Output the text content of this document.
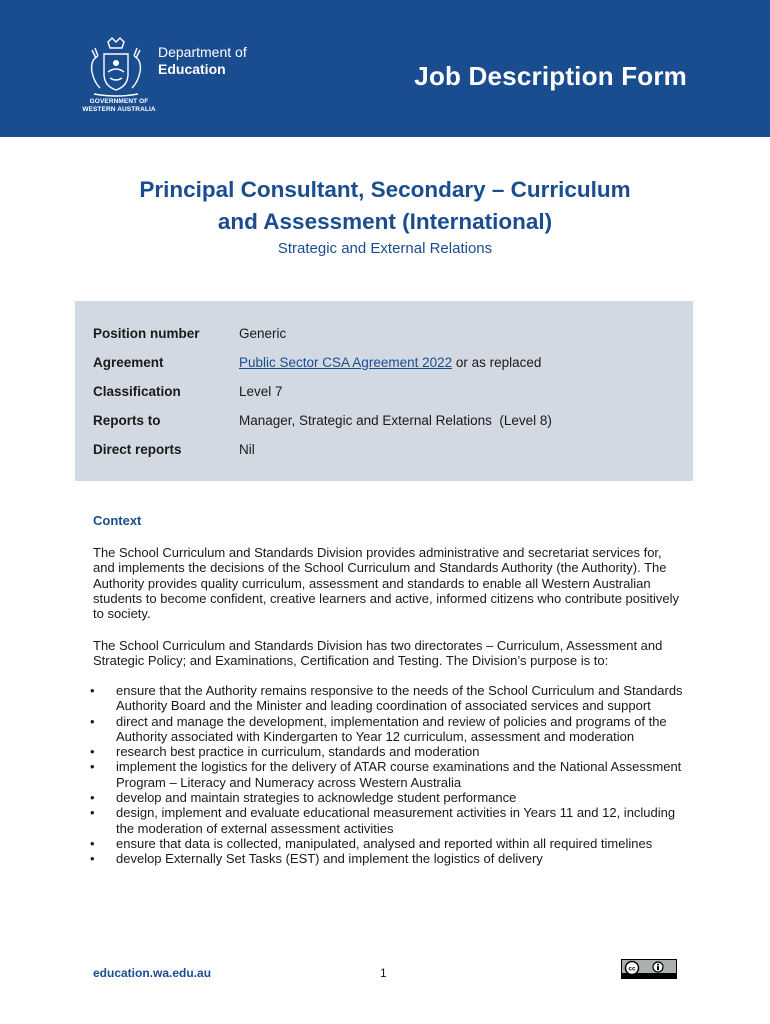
GOVERNMENT OF
WESTERN AUSTRALIA
Department of
Education	Job Description Form
Principal Consultant, Secondary – Curriculum
and Assessment (International)
Strategic and External Relations
Position number	Generic
Agreement	Public Sector CSA Agreement 2022 or as replaced
Classification	Level 7
Reports to	Manager, Strategic and External Relations  (Level 8)
Direct reports	Nil
Context

The School Curriculum and Standards Division provides administrative and secretariat services for, and implements the decisions of the School Curriculum and Standards Authority (the Authority). The Authority provides quality curriculum, assessment and standards to enable all Western Australian students to become confident, creative learners and active, informed citizens who contribute positively to society.

The School Curriculum and Standards Division has two directorates – Curriculum, Assessment and Strategic Policy; and Examinations, Certification and Testing. The Division’s purpose is to:

• ensure that the Authority remains responsive to the needs of the School Curriculum and Standards Authority Board and the Minister and leading coordination of associated services and support
• direct and manage the development, implementation and review of policies and programs of the Authority associated with Kindergarten to Year 12 curriculum, assessment and moderation
• research best practice in curriculum, standards and moderation
• implement the logistics for the delivery of ATAR course examinations and the National Assessment Program – Literacy and Numeracy across Western Australia
• develop and maintain strategies to acknowledge student performance
• design, implement and evaluate educational measurement activities in Years 11 and 12, including the moderation of external assessment activities
• ensure that data is collected, manipulated, analysed and reported within all required timelines
• develop Externally Set Tasks (EST) and implement the logistics of delivery
education.wa.edu.au	1	cc
